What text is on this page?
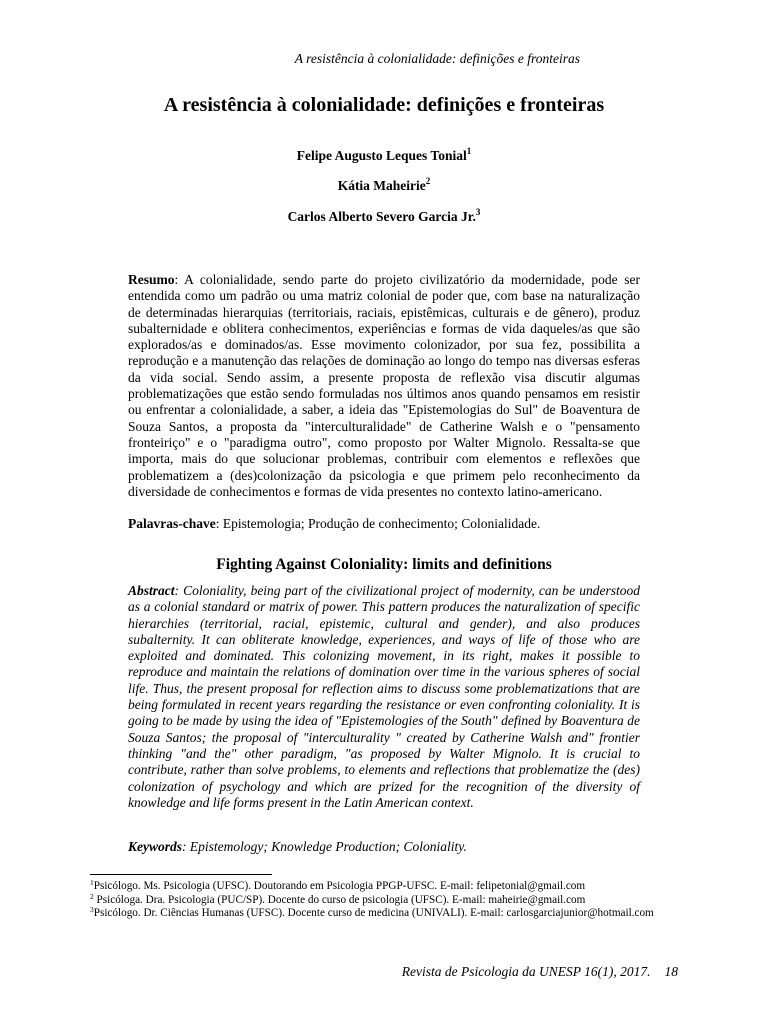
A resistência à colonialidade: definições e fronteiras
A resistência à colonialidade: definições e fronteiras
Felipe Augusto Leques Tonial$^1$
Kátia Maheirie$^2$
Carlos Alberto Severo Garcia Jr.$^3$
Resumo: A colonialidade, sendo parte do projeto civilizatório da modernidade, pode ser entendida como um padrão ou uma matriz colonial de poder que, com base na naturalização de determinadas hierarquias (territoriais, raciais, epistêmicas, culturais e de gênero), produz subalternidade e oblitera conhecimentos, experiências e formas de vida daqueles/as que são explorados/as e dominados/as. Esse movimento colonizador, por sua fez, possibilita a reprodução e a manutenção das relações de dominação ao longo do tempo nas diversas esferas da vida social. Sendo assim, a presente proposta de reflexão visa discutir algumas problematizações que estão sendo formuladas nos últimos anos quando pensamos em resistir ou enfrentar a colonialidade, a saber, a ideia das "Epistemologias do Sul" de Boaventura de Souza Santos, a proposta da "interculturalidade" de Catherine Walsh e o "pensamento fronteiriço" e o "paradigma outro", como proposto por Walter Mignolo. Ressalta-se que importa, mais do que solucionar problemas, contribuir com elementos e reflexões que problematizem a (des)colonização da psicologia e que primem pelo reconhecimento da diversidade de conhecimentos e formas de vida presentes no contexto latino-americano.
Palavras-chave: Epistemologia; Produção de conhecimento; Colonialidade.
Fighting Against Coloniality: limits and definitions
Abstract: Coloniality, being part of the civilizational project of modernity, can be understood as a colonial standard or matrix of power. This pattern produces the naturalization of specific hierarchies (territorial, racial, epistemic, cultural and gender), and also produces subalternity. It can obliterate knowledge, experiences, and ways of life of those who are exploited and dominated. This colonizing movement, in its right, makes it possible to reproduce and maintain the relations of domination over time in the various spheres of social life. Thus, the present proposal for reflection aims to discuss some problematizations that are being formulated in recent years regarding the resistance or even confronting coloniality. It is going to be made by using the idea of "Epistemologies of the South" defined by Boaventura de Souza Santos; the proposal of "interculturality " created by Catherine Walsh and" frontier thinking "and the" other paradigm, "as proposed by Walter Mignolo. It is crucial to contribute, rather than solve problems, to elements and reflections that problematize the (des) colonization of psychology and which are prized for the recognition of the diversity of knowledge and life forms present in the Latin American context.
Keywords: Epistemology; Knowledge Production; Coloniality.
$^1$Psicólogo. Ms. Psicologia (UFSC). Doutorando em Psicologia PPGP-UFSC. E-mail: felipetonial@gmail.com
$^2$ Psicóloga. Dra. Psicologia (PUC/SP). Docente do curso de psicologia (UFSC). E-mail: maheirie@gmail.com
$^3$Psicólogo. Dr. Ciências Humanas (UFSC). Docente curso de medicina (UNIVALI). E-mail: carlosgarciajunior@hotmail.com
Revista de Psicologia da UNESP 16(1), 2017. 18
